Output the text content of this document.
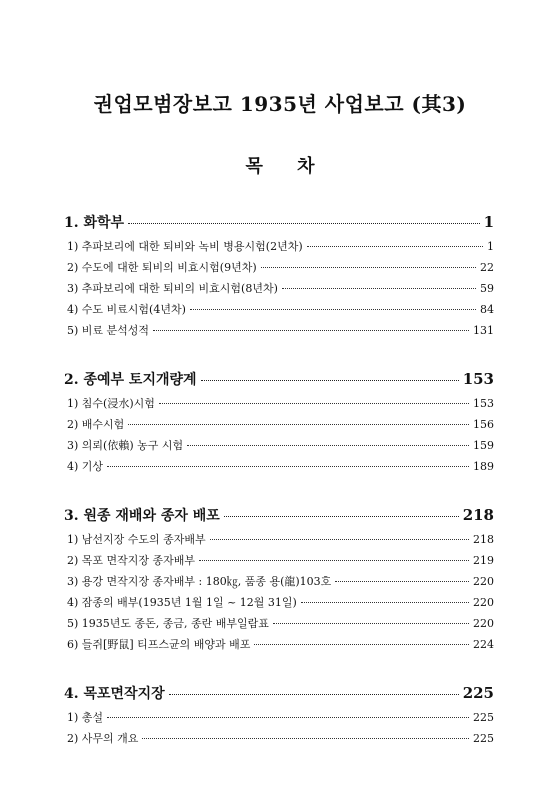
권업모범장보고 1935년 사업보고 (其3)
목 차
1. 화학부	1
1) 추파보리에 대한 퇴비와 녹비 병용시험(2년차)	1
2) 수도에 대한 퇴비의 비효시험(9년차)	22
3) 추파보리에 대한 퇴비의 비효시험(8년차)	59
4) 수도 비료시험(4년차)	84
5) 비료 분석성적	131
2. 종예부 토지개량계	153
1) 침수(浸水)시험	153
2) 배수시험	156
3) 의뢰(依賴) 농구 시험	159
4) 기상	189
3. 원종 재배와 종자 배포	218
1) 남선지장 수도의 종자배부	218
2) 목포 면작지장 종자배부	219
3) 용강 면작지장 종자배부 : 180㎏, 품종 용(龍)103호	220
4) 잠종의 배부(1935년 1월 1일 ~ 12월 31일)	220
5) 1935년도 종돈, 종금, 종란 배부일람표	220
6) 들쥐[野鼠] 티프스균의 배양과 배포	224
4. 목포면작지장	225
1) 총설	225
2) 사무의 개요	225
